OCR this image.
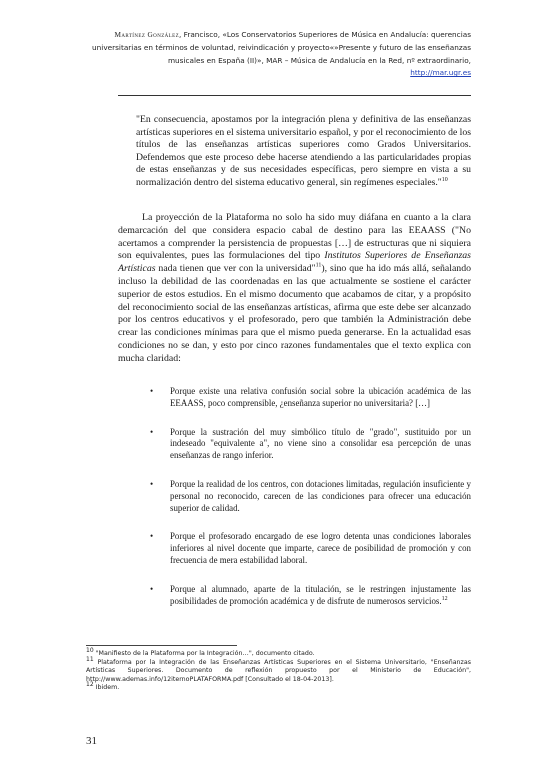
Martínez González, Francisco, «Los Conservatorios Superiores de Música en Andalucía: querencias universitarias en términos de voluntad, reivindicación y proyecto«»Presente y futuro de las enseñanzas musicales en España (II)», MAR – Música de Andalucía en la Red, nº extraordinario,
http://mar.ugr.es
"En consecuencia, apostamos por la integración plena y definitiva de las enseñanzas artísticas superiores en el sistema universitario español, y por el reconocimiento de los títulos de las enseñanzas artísticas superiores como Grados Universitarios. Defendemos que este proceso debe hacerse atendiendo a las particularidades propias de estas enseñanzas y de sus necesidades específicas, pero siempre en vista a su normalización dentro del sistema educativo general, sin regímenes especiales."$^{10}$
La proyección de la Plataforma no solo ha sido muy diáfana en cuanto a la clara demarcación del que considera espacio cabal de destino para las EEAASS ("No acertamos a comprender la persistencia de propuestas […] de estructuras que ni siquiera son equivalentes, pues las formulaciones del tipo Institutos Superiores de Enseñanzas Artísticas nada tienen que ver con la universidad"$^{11}$), sino que ha ido más allá, señalando incluso la debilidad de las coordenadas en las que actualmente se sostiene el carácter superior de estos estudios. En el mismo documento que acabamos de citar, y a propósito del reconocimiento social de las enseñanzas artísticas, afirma que este debe ser alcanzado por los centros educativos y el profesorado, pero que también la Administración debe crear las condiciones mínimas para que el mismo pueda generarse. En la actualidad esas condiciones no se dan, y esto por cinco razones fundamentales que el texto explica con mucha claridad:
• Porque existe una relativa confusión social sobre la ubicación académica de las EEAASS, poco comprensible, ¿enseñanza superior no universitaria? […]
• Porque la sustración del muy simbólico título de "grado", sustituido por un indeseado "equivalente a", no viene sino a consolidar esa percepción de unas enseñanzas de rango inferior.
• Porque la realidad de los centros, con dotaciones limitadas, regulación insuficiente y personal no reconocido, carecen de las condiciones para ofrecer una educación superior de calidad.
• Porque el profesorado encargado de ese logro detenta unas condiciones laborales inferiores al nivel docente que imparte, carece de posibilidad de promoción y con frecuencia de mera estabilidad laboral.
• Porque al alumnado, aparte de la titulación, se le restringen injustamente las posibilidades de promoción académica y de disfrute de numerosos servicios.$^{12}$

10 "Manifiesto de la Plataforma por la Integración…", documento citado.

11 Plataforma por la Integración de las Enseñanzas Artísticas Superiores en el Sistema Universitario, "Enseñanzas Artísticas Superiores. Documento de reflexión propuesto por el Ministerio de Educación", http://www.ademas.info/12iternoPLATAFORMA.pdf [Consultado el 18-04-2013].

12 Ibidem.

31
